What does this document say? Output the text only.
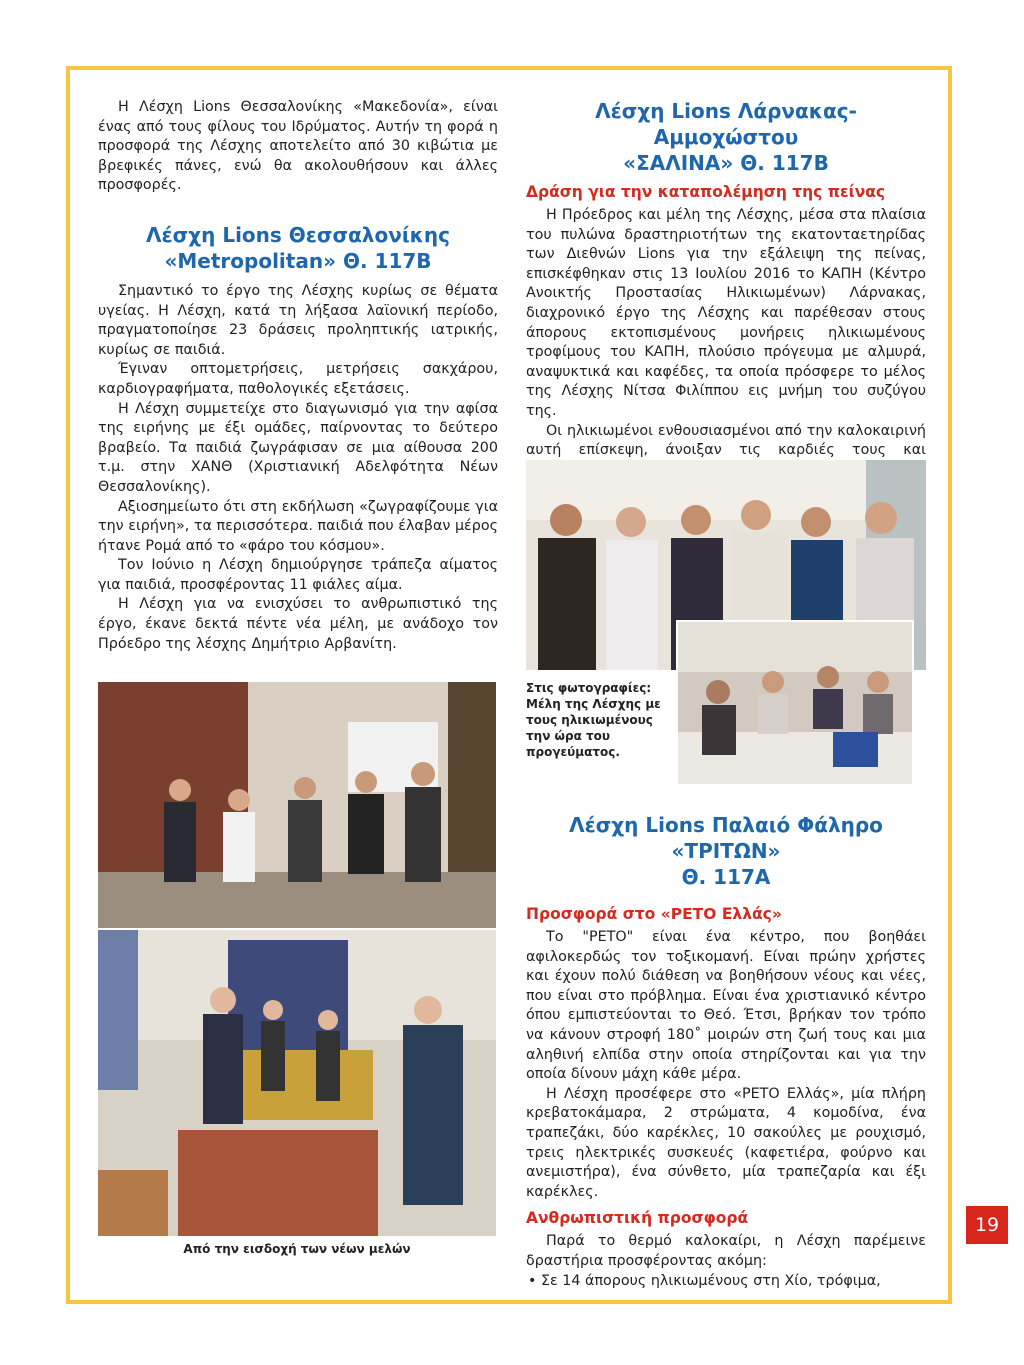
Η Λέσχη Lions Θεσσαλονίκης «Μακεδονία», είναι ένας από τους φίλους του Ιδρύματος. Αυτήν τη φορά η προσφορά της Λέσχης αποτελείτο από 30 κιβώτια με βρεφικές πάνες, ενώ θα ακολουθήσουν και άλλες προσφορές.

Λέσχη Lions Θεσσαλονίκης
«Metropolitan» Θ. 117Β

Σημαντικό το έργο της Λέσχης κυρίως σε θέματα υγείας. Η Λέσχη, κατά τη λήξασα λαϊονική περίοδο, πραγματοποίησε 23 δράσεις προληπτικής ιατρικής, κυρίως σε παιδιά.

Έγιναν οπτομετρήσεις, μετρήσεις σακχάρου, καρδιογραφήματα, παθολογικές εξετάσεις.

Η Λέσχη συμμετείχε στο διαγωνισμό για την αφίσα της ειρήνης με έξι ομάδες, παίρνοντας το δεύτερο βραβείο. Τα παιδιά ζωγράφισαν σε μια αίθουσα 200 τ.μ. στην ΧΑΝΘ (Χριστιανική Αδελφότητα Νέων Θεσσαλονίκης).

Αξιοσημείωτο ότι στη εκδήλωση «ζωγραφίζουμε για την ειρήνη», τα περισσότερα. παιδιά που έλαβαν μέρος ήτανε Ρομά από το «φάρο του κόσμου».

Τον Ιούνιο η Λέσχη δημιούργησε τράπεζα αίματος για παιδιά, προσφέροντας 11 φιάλες αίμα.

Η Λέσχη για να ενισχύσει το ανθρωπιστικό της έργο, έκανε δεκτά πέντε νέα μέλη, με ανάδοχο τον Πρόεδρο της λέσχης Δημήτριο Αρβανίτη.

Από την εισδοχή των νέων μελών
Λέσχη Lions Λάρνακας-Αμμοχώστου
«ΣΑΛΙΝΑ» Θ. 117Β
Δράση για την καταπολέμηση της πείνας

Η Πρόεδρος και μέλη της Λέσχης, μέσα στα πλαίσια του πυλώνα δραστηριοτήτων της εκατονταετηρίδας των Διεθνών Lions για την εξάλειψη της πείνας, επισκέφθηκαν στις 13 Ιουλίου 2016 το ΚΑΠΗ (Κέντρο Ανοικτής Προστασίας Ηλικιωμένων) Λάρνακας, διαχρονικό έργο της Λέσχης και παρέθεσαν στους άπορους εκτοπισμένους μονήρεις ηλικιωμένους τροφίμους του ΚΑΠΗ, πλούσιο πρόγευμα με αλμυρά, αναψυκτικά και καφέδες, τα οποία πρόσφερε το μέλος της Λέσχης Νίτσα Φιλίππου εις μνήμη του συζύγου της.

Οι ηλικιωμένοι ενθουσιασμένοι από την καλοκαιρινή αυτή επίσκεψη, άνοιξαν τις καρδιές τους και

Στις φωτογραφίες:
Μέλη της Λέσχης με
τους ηλικιωμένους
την ώρα του
προγεύματος.
Λέσχη Lions Παλαιό Φάληρο «ΤΡΙΤΩΝ»
Θ. 117Α
Προσφορά στο «PETO Ελλάς»

Το "PETO" είναι ένα κέντρο, που βοηθάει αφιλοκερδώς τον τοξικομανή. Είναι πρώην χρήστες και έχουν πολύ διάθεση να βοηθήσουν νέους και νέες, που είναι στο πρόβλημα. Είναι ένα χριστιανικό κέντρο όπου εμπιστεύονται το Θεό. Έτσι, βρήκαν τον τρόπο να κάνουν στροφή 180˚ μοιρών στη ζωή τους και μια αληθινή ελπίδα στην οποία στηρίζονται και για την οποία δίνουν μάχη κάθε μέρα.

Η Λέσχη προσέφερε στο «PETO Ελλάς», μία πλήρη κρεβατοκάμαρα, 2 στρώματα, 4 κομοδίνα, ένα τραπεζάκι, δύο καρέκλες, 10 σακούλες με ρουχισμό, τρεις ηλεκτρικές συσκευές (καφετιέρα, φούρνο και ανεμιστήρα), ένα σύνθετο, μία τραπεζαρία και έξι καρέκλες.

Ανθρωπιστική προσφορά

Παρά το θερμό καλοκαίρι, η Λέσχη παρέμεινε δραστήρια προσφέροντας ακόμη:

• Σε 14 άπορους ηλικιωμένους στη Χίο, τρόφιμα,

19
